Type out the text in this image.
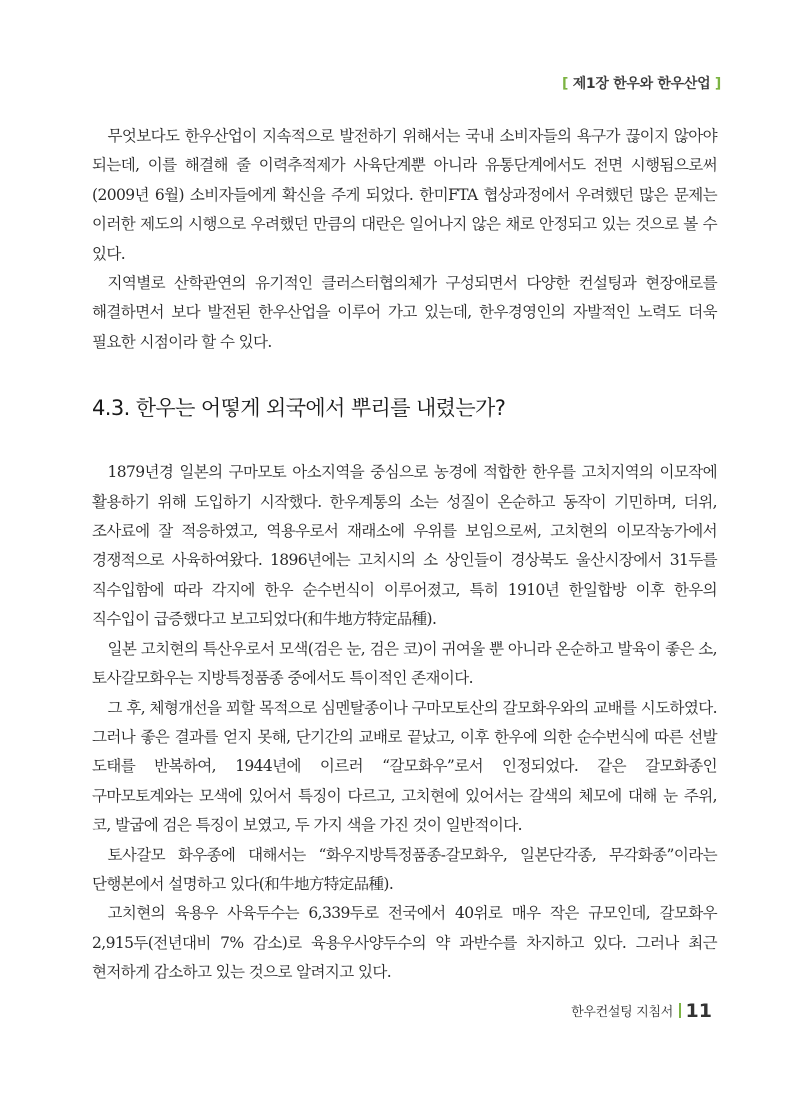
[ 제1장 한우와 한우산업 ]

무엇보다도 한우산업이 지속적으로 발전하기 위해서는 국내 소비자들의 욕구가 끊이지 않아야 되는데, 이를 해결해 줄 이력추적제가 사육단계뿐 아니라 유통단계에서도 전면 시행됨으로써(2009년 6월) 소비자들에게 확신을 주게 되었다. 한미FTA 협상과정에서 우려했던 많은 문제는 이러한 제도의 시행으로 우려했던 만큼의 대란은 일어나지 않은 채로 안정되고 있는 것으로 볼 수 있다.

지역별로 산학관연의 유기적인 클러스터협의체가 구성되면서 다양한 컨설팅과 현장애로를 해결하면서 보다 발전된 한우산업을 이루어 가고 있는데, 한우경영인의 자발적인 노력도 더욱 필요한 시점이라 할 수 있다.

4.3. 한우는 어떻게 외국에서 뿌리를 내렸는가?

1879년경 일본의 구마모토 아소지역을 중심으로 농경에 적합한 한우를 고치지역의 이모작에 활용하기 위해 도입하기 시작했다. 한우계통의 소는 성질이 온순하고 동작이 기민하며, 더위, 조사료에 잘 적응하였고, 역용우로서 재래소에 우위를 보임으로써, 고치현의 이모작농가에서 경쟁적으로 사육하여왔다. 1896년에는 고치시의 소 상인들이 경상북도 울산시장에서 31두를 직수입함에 따라 각지에 한우 순수번식이 이루어졌고, 특히 1910년 한일합방 이후 한우의 직수입이 급증했다고 보고되었다(和牛地方特定品種).

일본 고치현의 특산우로서 모색(검은 눈, 검은 코)이 귀여울 뿐 아니라 온순하고 발육이 좋은 소, 토사갈모화우는 지방특정품종 중에서도 특이적인 존재이다.

그 후, 체형개선을 꾀할 목적으로 심멘탈종이나 구마모토산의 갈모화우와의 교배를 시도하였다. 그러나 좋은 결과를 얻지 못해, 단기간의 교배로 끝났고, 이후 한우에 의한 순수번식에 따른 선발 도태를 반복하여, 1944년에 이르러 “갈모화우”로서 인정되었다. 같은 갈모화종인 구마모토계와는 모색에 있어서 특징이 다르고, 고치현에 있어서는 갈색의 체모에 대해 눈 주위, 코, 발굽에 검은 특징이 보였고, 두 가지 색을 가진 것이 일반적이다.

토사갈모 화우종에 대해서는 “화우지방특정품종-갈모화우, 일본단각종, 무각화종”이라는 단행본에서 설명하고 있다(和牛地方特定品種).

고치현의 육용우 사육두수는 6,339두로 전국에서 40위로 매우 작은 규모인데, 갈모화우 2,915두(전년대비 7% 감소)로 육용우사양두수의 약 과반수를 차지하고 있다. 그러나 최근 현저하게 감소하고 있는 것으로 알려지고 있다.

한우컨설팅 지침서 11
